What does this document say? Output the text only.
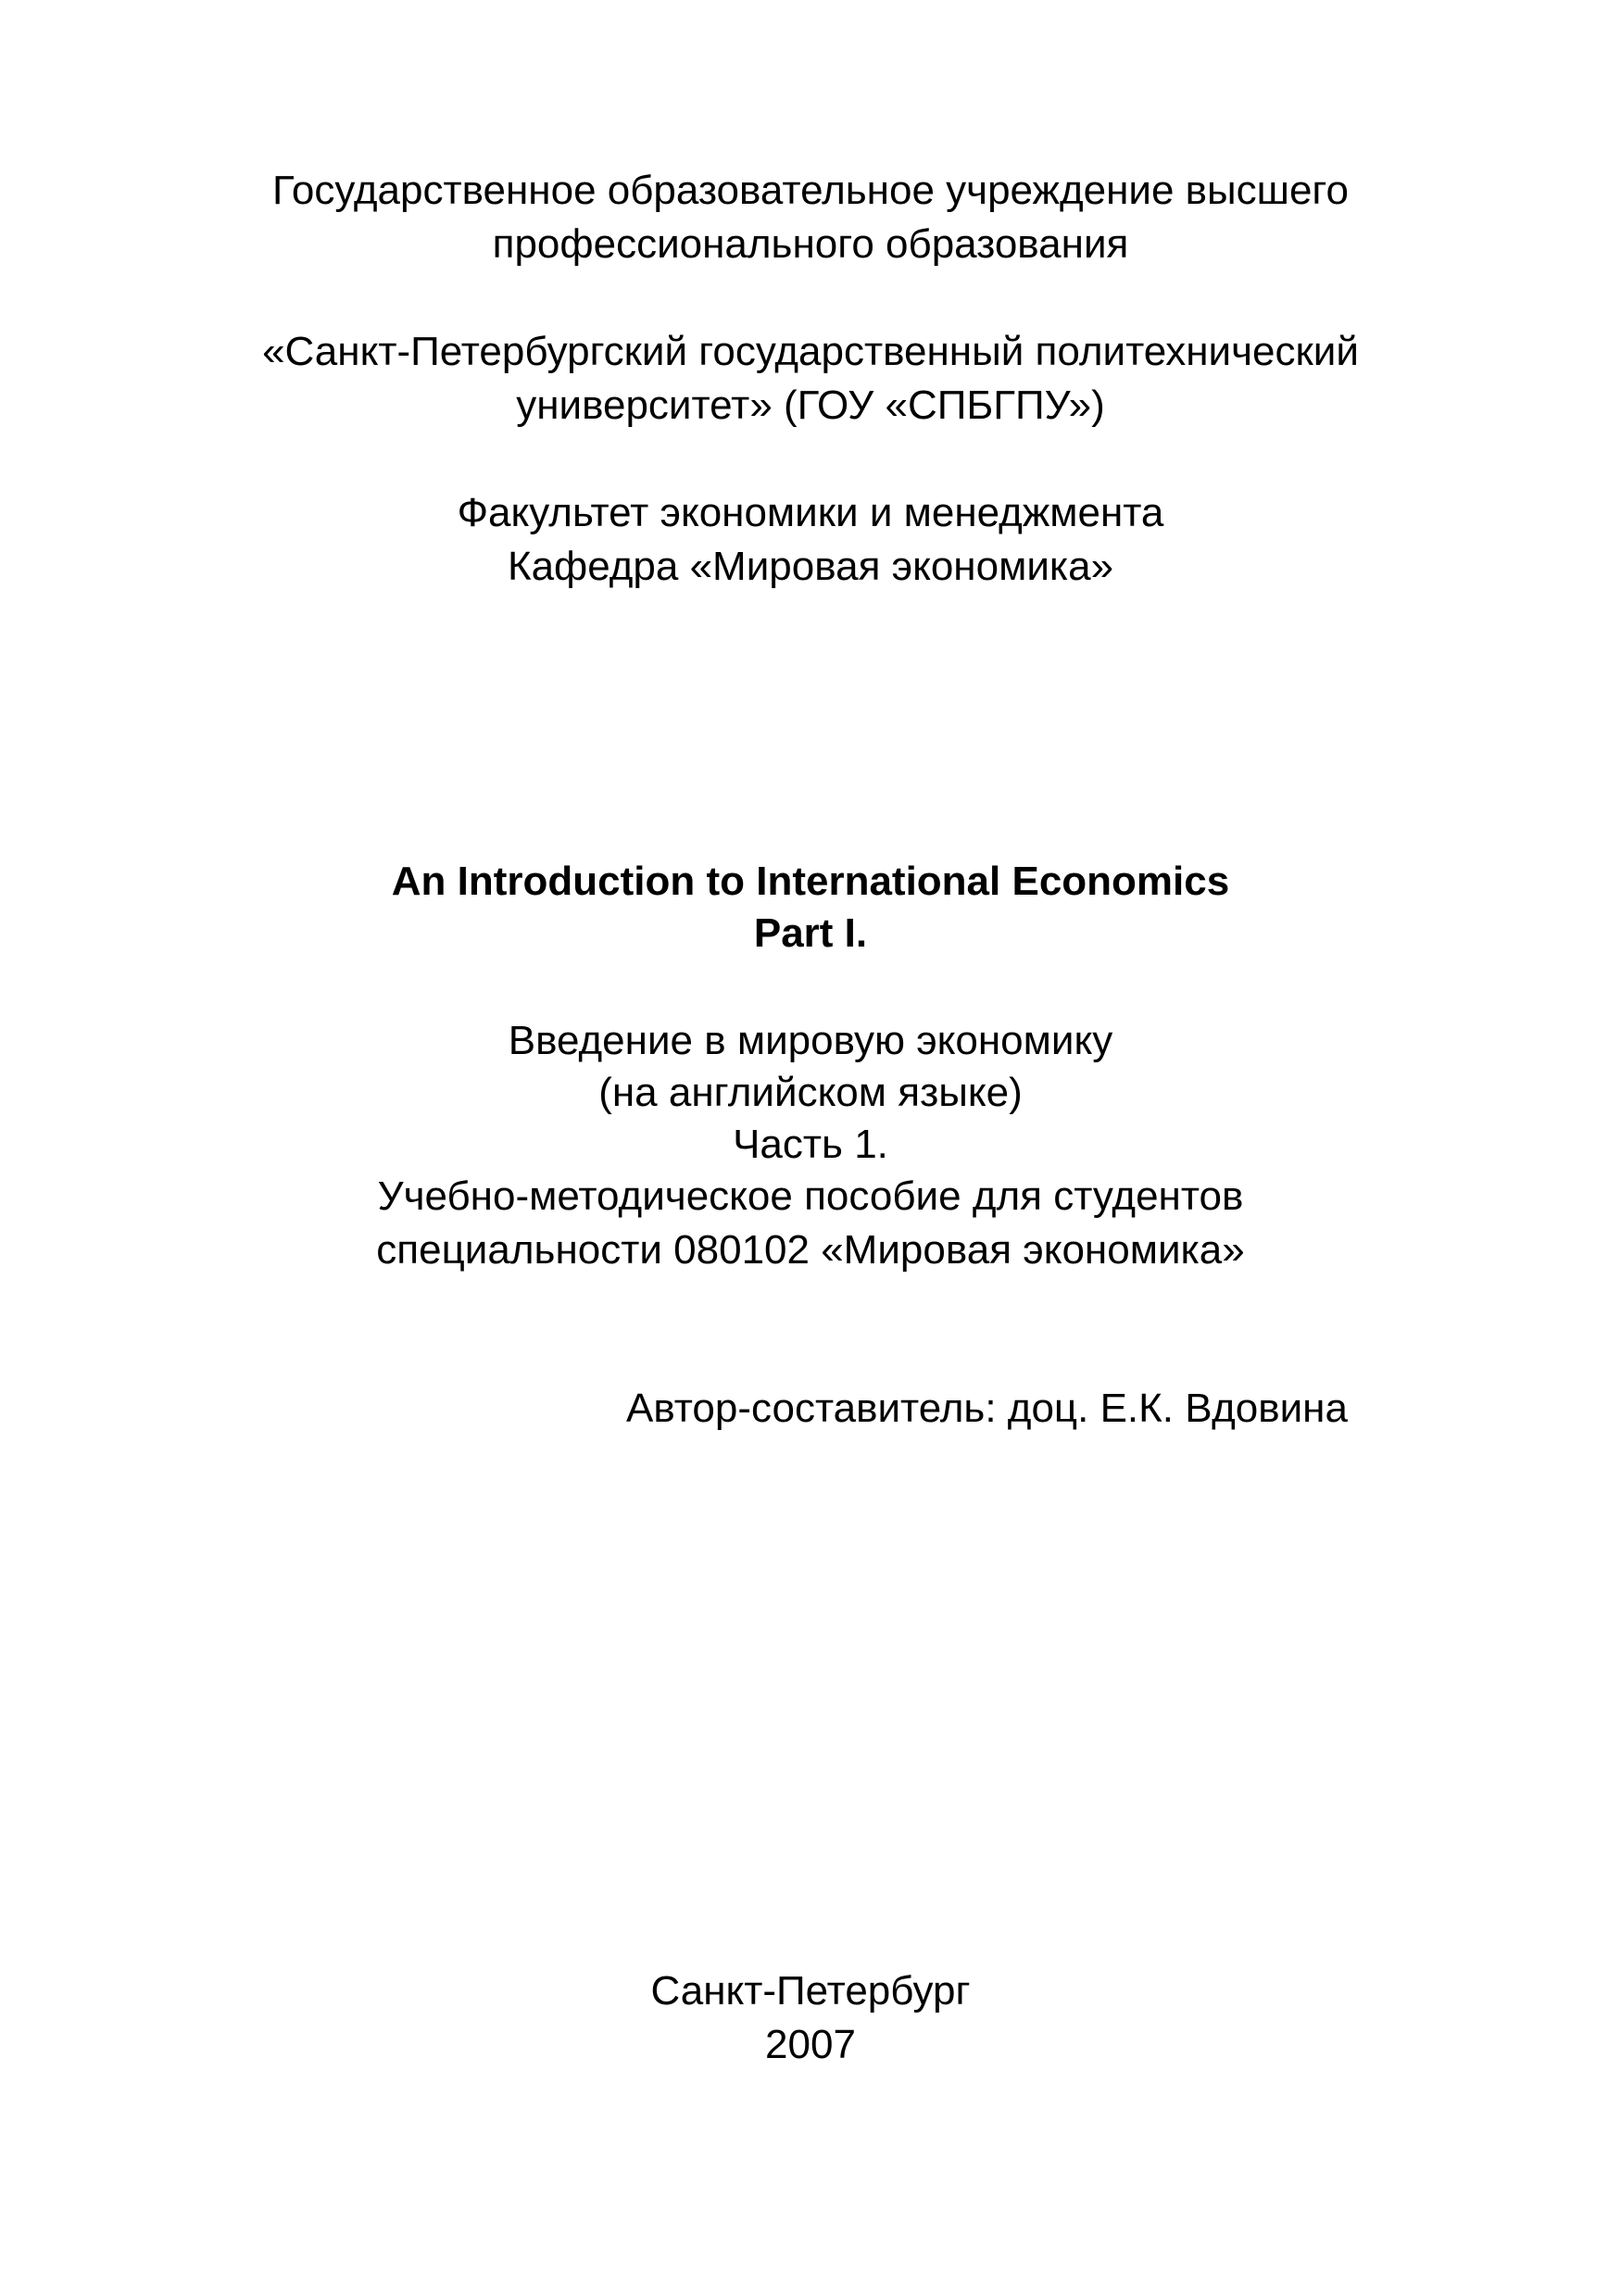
Государственное образовательное учреждение высшего
профессионального образования
«Санкт-Петербургский государственный политехнический
университет» (ГОУ «СПБГПУ»)
Факультет экономики и менеджмента
Кафедра «Мировая экономика»
An Introduction to International Economics
Part I.
Введение в мировую экономику
(на английском языке)
Часть 1.
Учебно-методическое пособие для студентов
специальности 080102 «Мировая экономика»
Автор-составитель: доц. Е.К. Вдовина
Санкт-Петербург
2007
